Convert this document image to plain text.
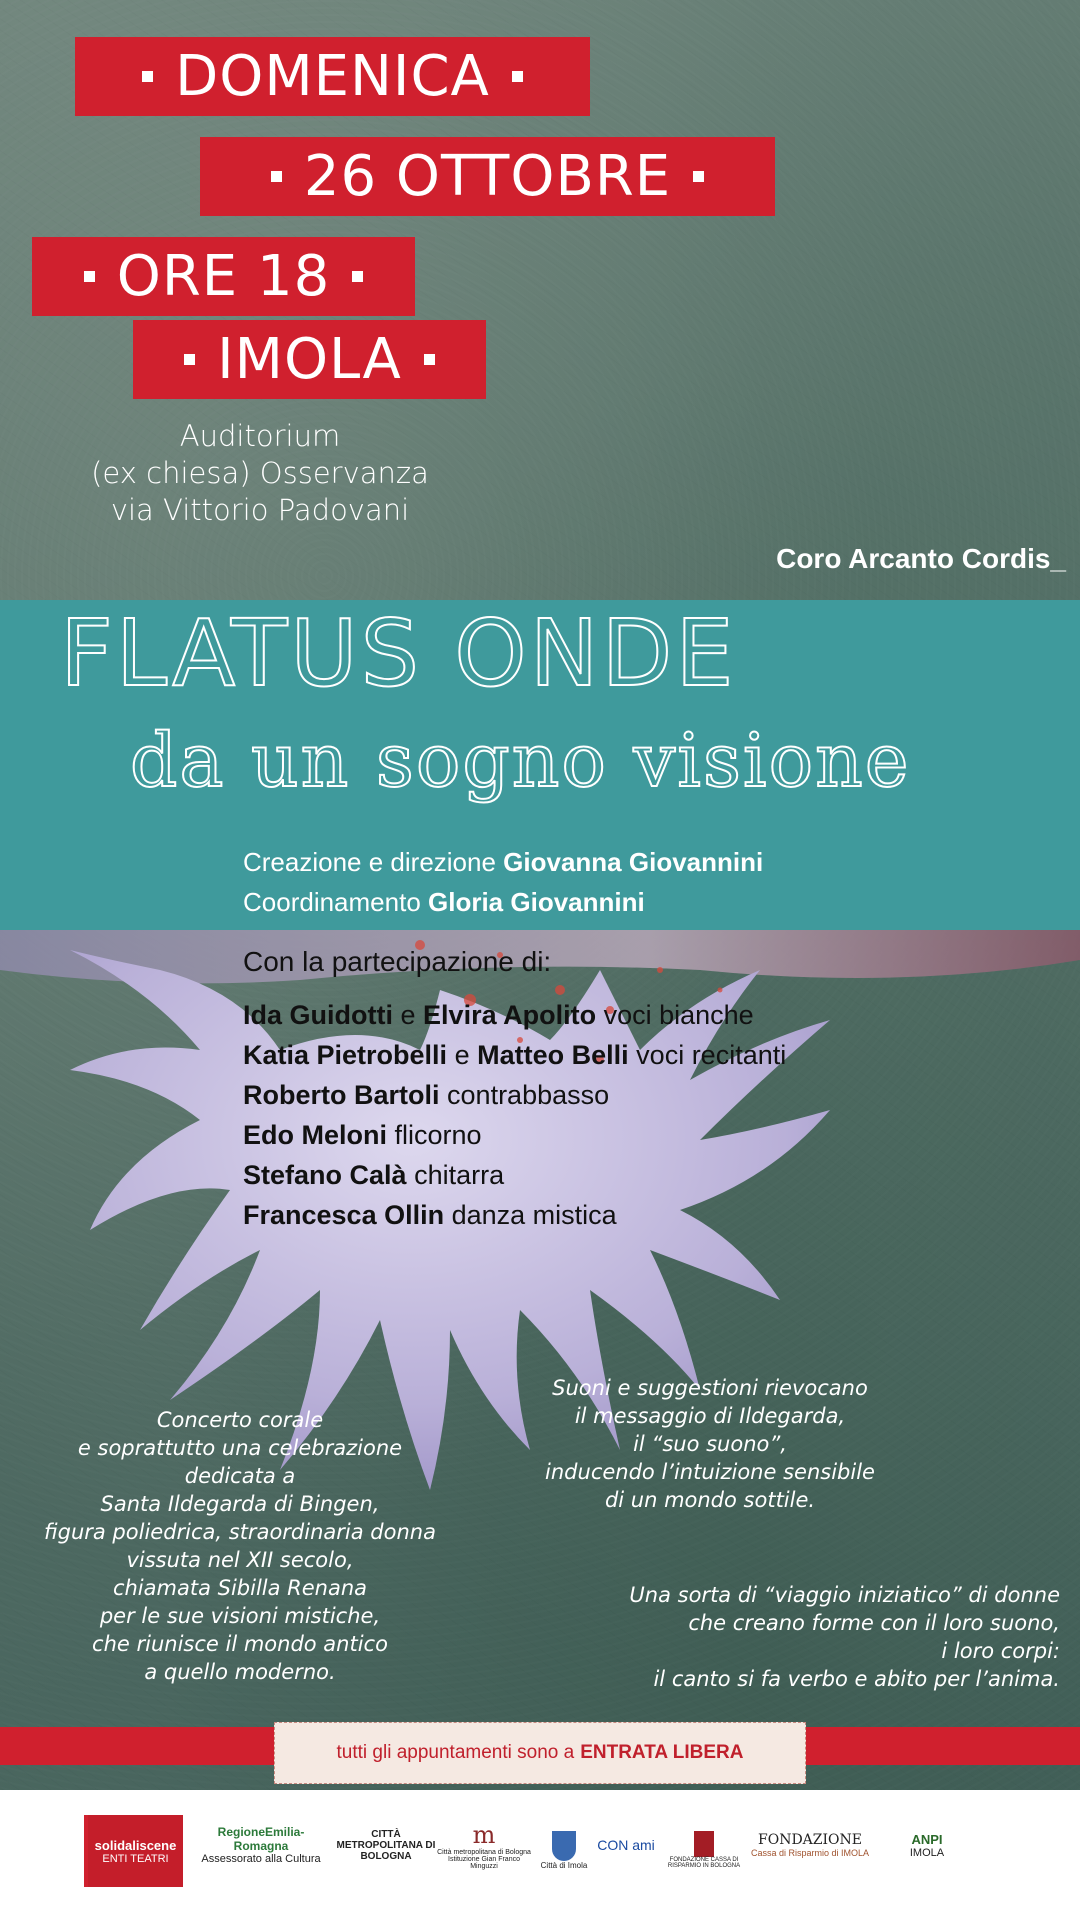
DOMENICA
26 OTTOBRE
ORE 18
IMOLA
Auditorium
(ex chiesa) Osservanza
via Vittorio Padovani
Coro Arcanto Cordis_
FLATUS ONDE
da un sogno visione
Creazione e direzione Giovanna Giovannini
Coordinamento Gloria Giovannini
Con la partecipazione di:
Ida Guidotti e Elvira Apolito voci bianche
Katia Pietrobelli e Matteo Belli voci recitanti
Roberto Bartoli contrabbasso
Edo Meloni flicorno
Stefano Calà chitarra
Francesca Ollin danza mistica
Concerto corale
e soprattutto una celebrazione
dedicata a
Santa Ildegarda di Bingen,
figura poliedrica, straordinaria donna
vissuta nel XII secolo,
chiamata Sibilla Renana
per le sue visioni mistiche,
che riunisce il mondo antico
a quello moderno.
Suoni e suggestioni rievocano
il messaggio di Ildegarda,
il “suo suono”,
inducendo l’intuizione sensibile
di un mondo sottile.
Una sorta di “viaggio iniziatico” di donne
che creano forme con il loro suono,
i loro corpi:
il canto si fa verbo e abito per l’anima.
tutti gli appuntamenti sono a ENTRATA LIBERA
solidaliscene
ENTI TEATRI
RegioneEmilia-Romagna
Assessorato alla Cultura
CITTÀ METROPOLITANA DI BOLOGNA
m
Città metropolitana di Bologna
Istituzione Gian Franco Minguzzi	Città di Imola
CON ami
FONDAZIONE CASSA DI RISPARMIO IN BOLOGNA
FONDAZIONE
Cassa di Risparmio di IMOLA
ANPI
IMOLA
